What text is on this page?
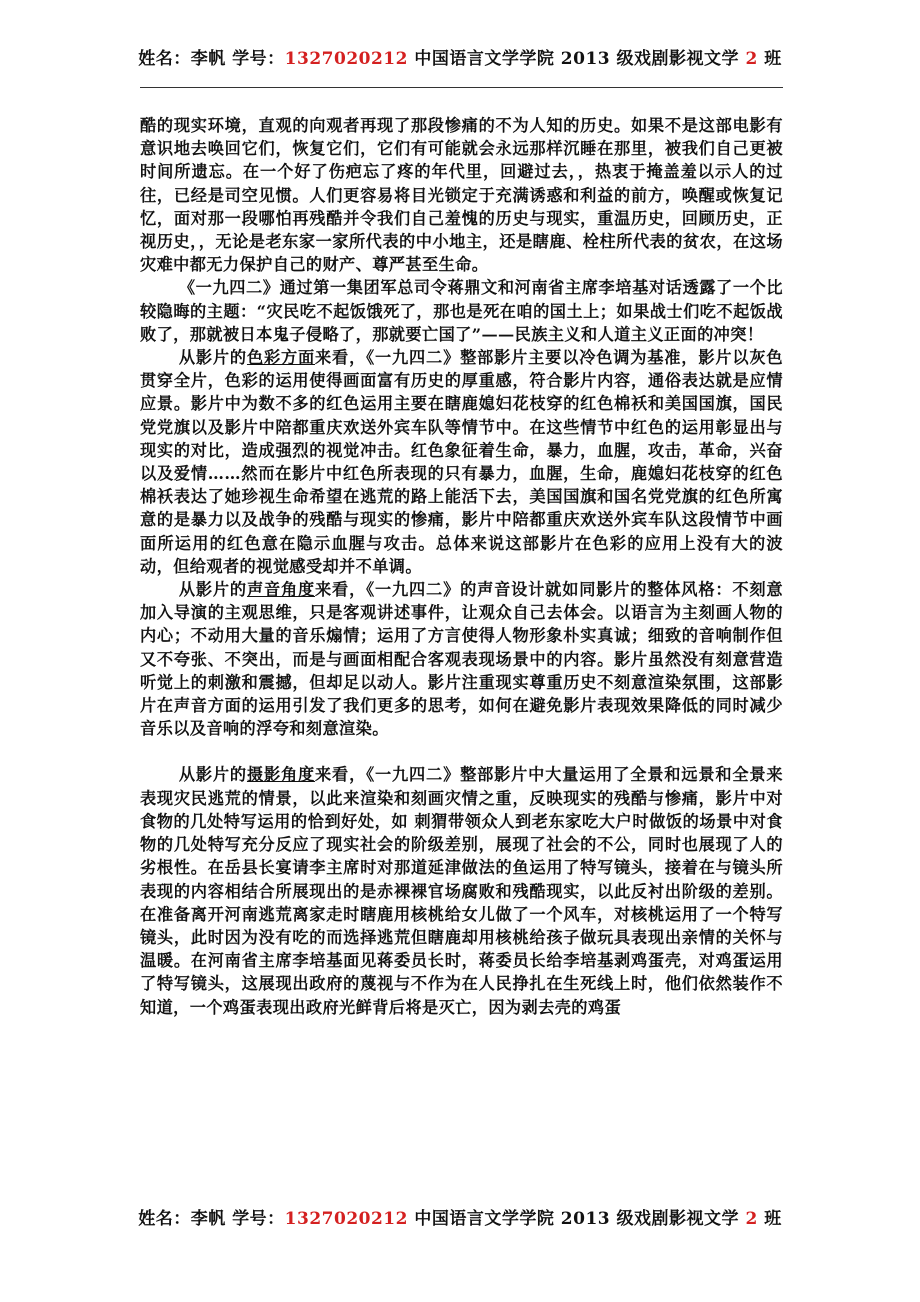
姓名：李帆 学号：1327020212 中国语言文学学院 2013 级戏剧影视文学 2 班

酷的现实环境，直观的向观者再现了那段惨痛的不为人知的历史。如果不是这部电影有意识地去唤回它们，恢复它们，它们有可能就会永远那样沉睡在那里，被我们自己更被时间所遗忘。在一个好了伤疤忘了疼的年代里，回避过去，，热衷于掩盖羞以示人的过往，已经是司空见惯。人们更容易将目光锁定于充满诱惑和利益的前方，唤醒或恢复记忆，面对那一段哪怕再残酷并令我们自己羞愧的历史与现实，重温历史，回顾历史，正视历史，，无论是老东家一家所代表的中小地主，还是瞎鹿、栓柱所代表的贫农，在这场灾难中都无力保护自己的财产、尊严甚至生命。

《一九四二》通过第一集团军总司令蒋鼎文和河南省主席李培基对话透露了一个比较隐晦的主题：“灾民吃不起饭饿死了，那也是死在咱的国土上；如果战士们吃不起饭战败了，那就被日本鬼子侵略了，那就要亡国了”——民族主义和人道主义正面的冲突！

从影片的色彩方面来看，《一九四二》整部影片主要以冷色调为基准，影片以灰色贯穿全片，色彩的运用使得画面富有历史的厚重感，符合影片内容，通俗表达就是应情应景。影片中为数不多的红色运用主要在瞎鹿媳妇花枝穿的红色棉袄和美国国旗，国民党党旗以及影片中陪都重庆欢送外宾车队等情节中。在这些情节中红色的运用彰显出与现实的对比，造成强烈的视觉冲击。红色象征着生命，暴力，血腥，攻击，革命，兴奋以及爱情……然而在影片中红色所表现的只有暴力，血腥，生命，鹿媳妇花枝穿的红色棉袄表达了她珍视生命希望在逃荒的路上能活下去，美国国旗和国名党党旗的红色所寓意的是暴力以及战争的残酷与现实的惨痛，影片中陪都重庆欢送外宾车队这段情节中画面所运用的红色意在隐示血腥与攻击。总体来说这部影片在色彩的应用上没有大的波动，但给观者的视觉感受却并不单调。

从影片的声音角度来看，《一九四二》的声音设计就如同影片的整体风格：不刻意加入导演的主观思维，只是客观讲述事件，让观众自己去体会。以语言为主刻画人物的内心；不动用大量的音乐煽情；运用了方言使得人物形象朴实真诚；细致的音响制作但又不夸张、不突出，而是与画面相配合客观表现场景中的内容。影片虽然没有刻意营造听觉上的刺激和震撼，但却足以动人。影片注重现实尊重历史不刻意渲染氛围，这部影片在声音方面的运用引发了我们更多的思考，如何在避免影片表现效果降低的同时减少音乐以及音响的浮夸和刻意渲染。

从影片的摄影角度来看，《一九四二》整部影片中大量运用了全景和远景和全景来表现灾民逃荒的情景，以此来渲染和刻画灾情之重，反映现实的残酷与惨痛，影片中对食物的几处特写运用的恰到好处，如 刺猬带领众人到老东家吃大户时做饭的场景中对食物的几处特写充分反应了现实社会的阶级差别，展现了社会的不公，同时也展现了人的劣根性。在岳县长宴请李主席时对那道延津做法的鱼运用了特写镜头，接着在与镜头所表现的内容相结合所展现出的是赤裸裸官场腐败和残酷现实，以此反衬出阶级的差别。在准备离开河南逃荒离家走时瞎鹿用核桃给女儿做了一个风车，对核桃运用了一个特写镜头，此时因为没有吃的而选择逃荒但瞎鹿却用核桃给孩子做玩具表现出亲情的关怀与温暖。在河南省主席李培基面见蒋委员长时，蒋委员长给李培基剥鸡蛋壳，对鸡蛋运用了特写镜头，这展现出政府的蔑视与不作为在人民挣扎在生死线上时，他们依然装作不知道，一个鸡蛋表现出政府光鲜背后将是灭亡，因为剥去壳的鸡蛋

姓名：李帆 学号：1327020212 中国语言文学学院 2013 级戏剧影视文学 2 班
